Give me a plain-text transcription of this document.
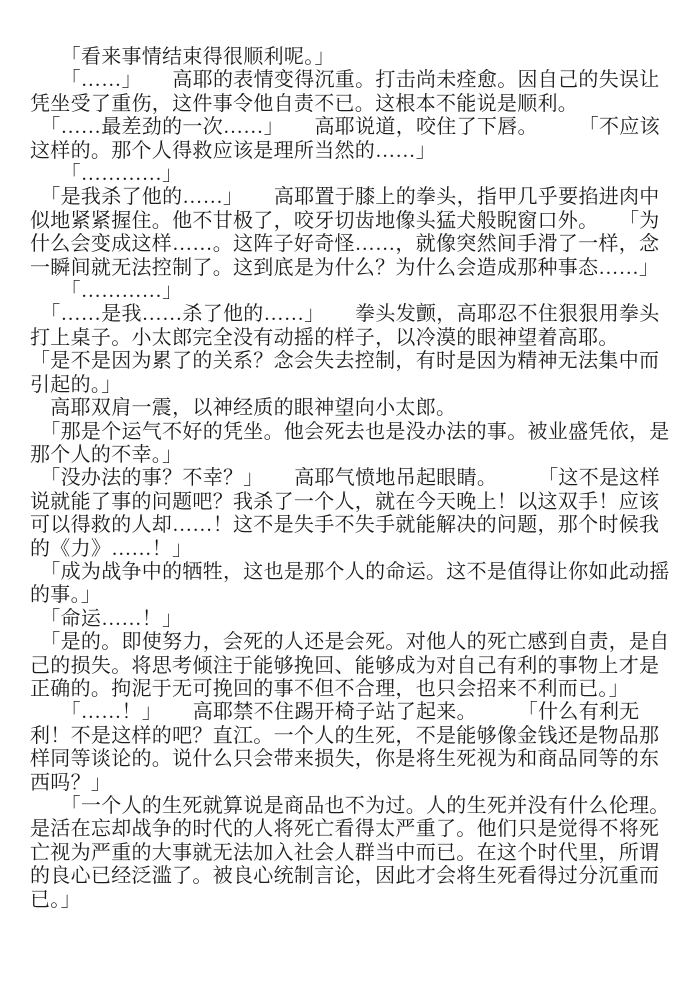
　　「看来事情结束得很顺利呢。」

　　「……」　　高耶的表情变得沉重。打击尚未痊愈。因自己的失误让凭坐受了重伤，这件事令他自责不已。这根本不能说是顺利。

　「……最差劲的一次……」　　高耶说道，咬住了下唇。　　　「不应该这样的。那个人得救应该是理所当然的……」

　　「…………」

　「是我杀了他的……」　　高耶置于膝上的拳头，指甲几乎要掐进肉中似地紧紧握住。他不甘极了，咬牙切齿地像头猛犬般睨窗口外。　　「为什么会变成这样……。这阵子好奇怪……，就像突然间手滑了一样，念一瞬间就无法控制了。这到底是为什么？为什么会造成那种事态……」

　　「…………」

　「……是我……杀了他的……」　　拳头发颤，高耶忍不住狠狠用拳头打上桌子。小太郎完全没有动摇的样子，以冷漠的眼神望着高耶。　　「是不是因为累了的关系？念会失去控制，有时是因为精神无法集中而引起的。」

　高耶双肩一震，以神经质的眼神望向小太郎。

　「那是个运气不好的凭坐。他会死去也是没办法的事。被业盛凭依，是那个人的不幸。」

　「没办法的事？不幸？」　　高耶气愤地吊起眼睛。　　　「这不是这样说就能了事的问题吧？我杀了一个人，就在今天晚上！以这双手！应该可以得救的人却……！这不是失手不失手就能解决的问题，那个时候我的《力》……！」

　「成为战争中的牺牲，这也是那个人的命运。这不是值得让你如此动摇的事。」

　「命运……！」

　「是的。即使努力，会死的人还是会死。对他人的死亡感到自责，是自己的损失。将思考倾注于能够挽回、能够成为对自己有利的事物上才是正确的。拘泥于无可挽回的事不但不合理，也只会招来不利而已。」

　　「……！」　　高耶禁不住踢开椅子站了起来。　　　「什么有利无利！不是这样的吧？直江。一个人的生死，不是能够像金钱还是物品那样同等谈论的。说什么只会带来损失，你是将生死视为和商品同等的东西吗？」

　　「一个人的生死就算说是商品也不为过。人的生死并没有什么伦理。是活在忘却战争的时代的人将死亡看得太严重了。他们只是觉得不将死亡视为严重的大事就无法加入社会人群当中而已。在这个时代里，所谓的良心已经泛滥了。被良心统制言论，因此才会将生死看得过分沉重而已。」
